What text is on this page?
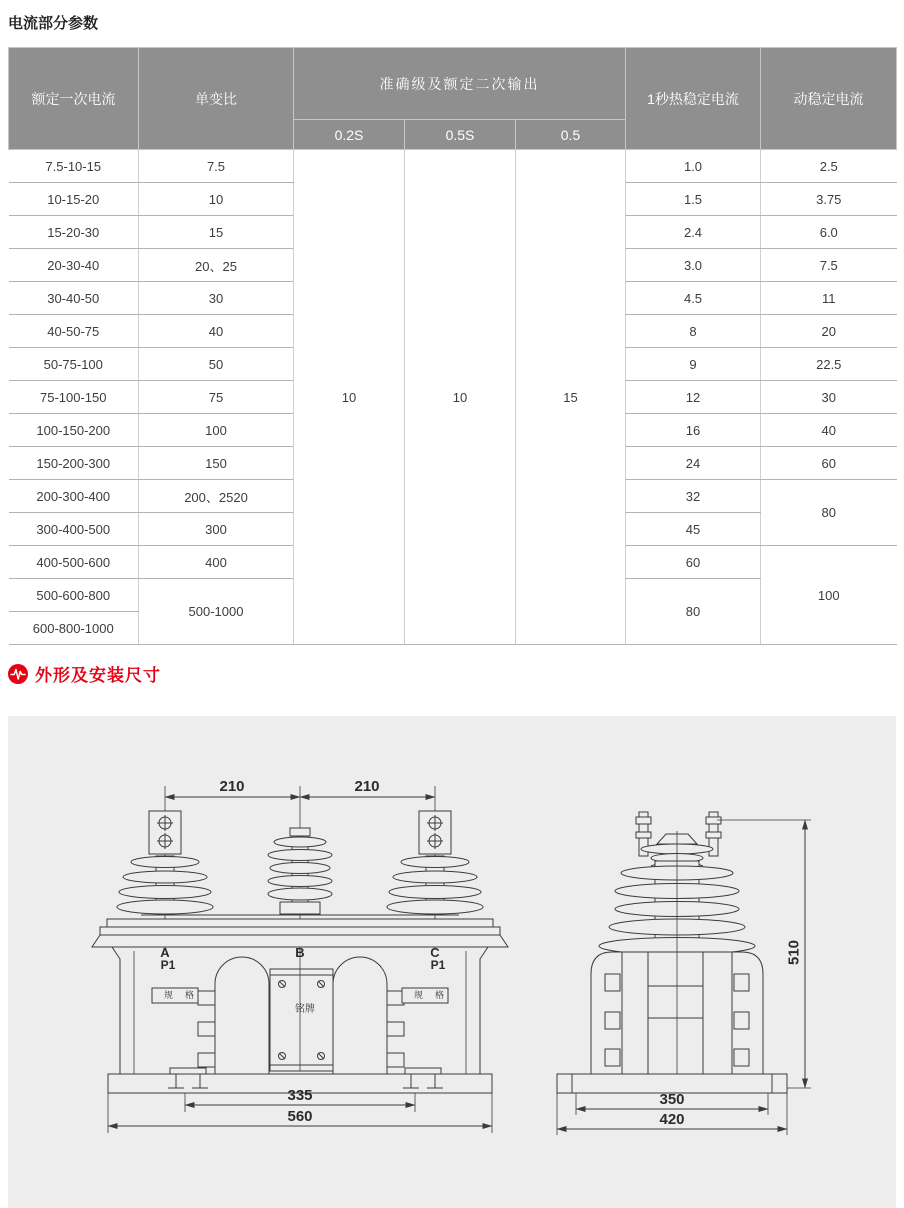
电流部分参数
额定一次电流	单变比	准确级及额定二次输出			1秒热稳定电流	动稳定电流
		0.2S	0.5S	0.5		
7.5-10-15	7.5	10	10	15	1.0	2.5
10-15-20	10				1.5	3.75
15-20-30	15				2.4	6.0
20-30-40	20、25				3.0	7.5
30-40-50	30				4.5	11
40-50-75	40				8	20
50-75-100	50				9	22.5
75-100-150	75				12	30
100-150-200	100				16	40
150-200-300	150				24	60
200-300-400	200、2520				32	80
300-400-500	300				45	
400-500-600	400				60	100
500-600-800	500-1000				80	
600-800-1000						
外形及安装尺寸
210	210
A
P1
B	C
P1
规格	规格
铭牌
335
560
350
420
510
